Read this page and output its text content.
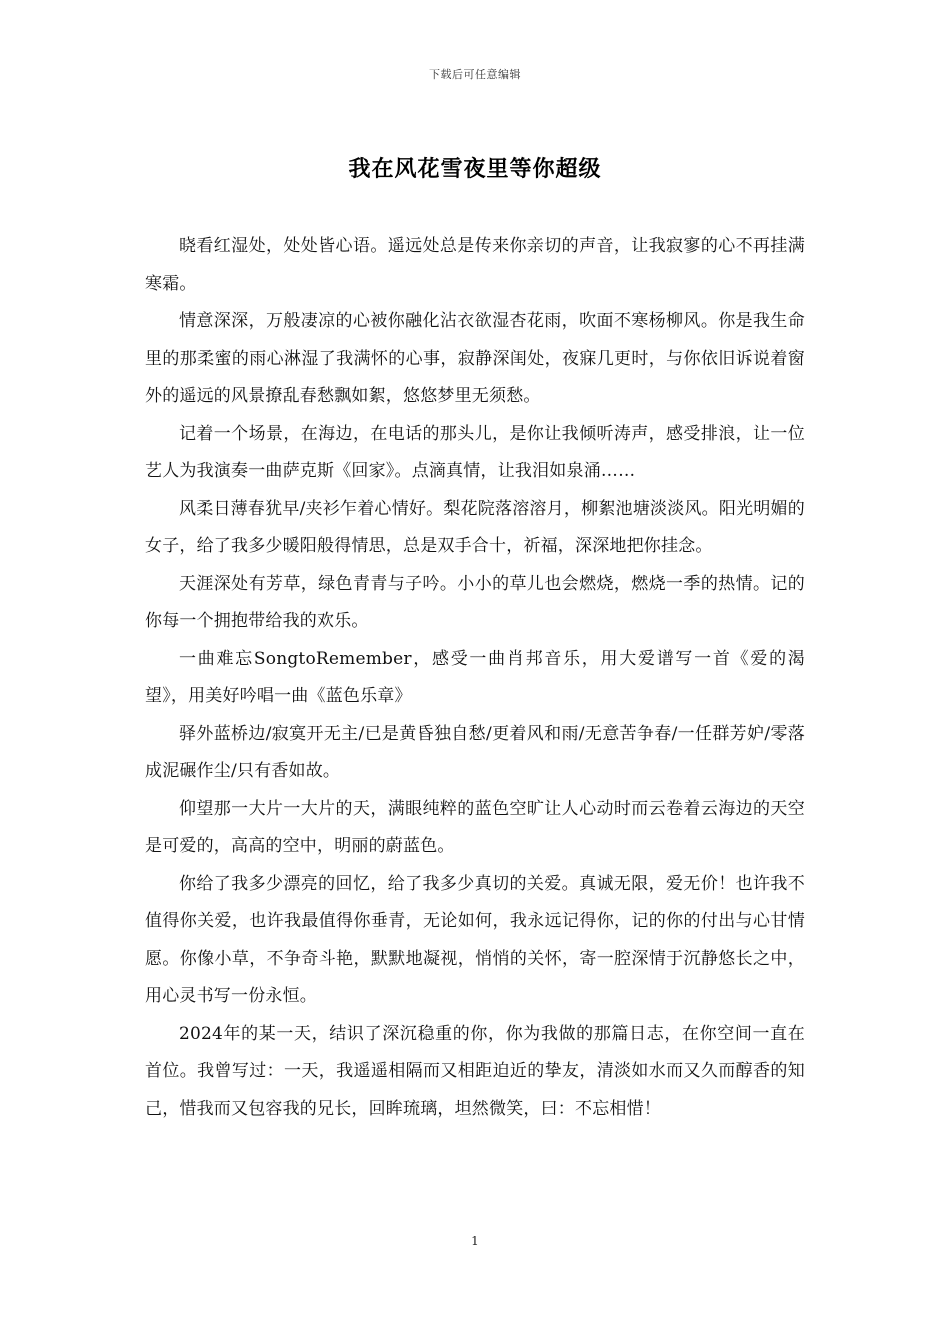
下载后可任意编辑
我在风花雪夜里等你超级

晓看红湿处，处处皆心语。遥远处总是传来你亲切的声音，让我寂寥的心不再挂满寒霜。

情意深深，万般凄凉的心被你融化沾衣欲湿杏花雨，吹面不寒杨柳风。你是我生命里的那柔蜜的雨心淋湿了我满怀的心事，寂静深闺处，夜寐几更时，与你依旧诉说着窗外的遥远的风景撩乱春愁飘如絮，悠悠梦里无须愁。

记着一个场景，在海边，在电话的那头儿，是你让我倾听涛声，感受排浪，让一位艺人为我演奏一曲萨克斯《回家》。点滴真情，让我泪如泉涌……

风柔日薄春犹早/夹衫乍着心情好。梨花院落溶溶月，柳絮池塘淡淡风。阳光明媚的女子，给了我多少暖阳般得情思，总是双手合十，祈福，深深地把你挂念。

天涯深处有芳草，绿色青青与子吟。小小的草儿也会燃烧，燃烧一季的热情。记的你每一个拥抱带给我的欢乐。

一曲难忘SongtoRemember，感受一曲肖邦音乐，用大爱谱写一首《爱的渴望》，用美好吟唱一曲《蓝色乐章》

驿外蓝桥边/寂寞开无主/已是黄昏独自愁/更着风和雨/无意苦争春/一任群芳妒/零落成泥碾作尘/只有香如故。

仰望那一大片一大片的天，满眼纯粹的蓝色空旷让人心动时而云卷着云海边的天空是可爱的，高高的空中，明丽的蔚蓝色。

你给了我多少漂亮的回忆，给了我多少真切的关爱。真诚无限，爱无价！也许我不值得你关爱，也许我最值得你垂青，无论如何，我永远记得你，记的你的付出与心甘情愿。你像小草，不争奇斗艳，默默地凝视，悄悄的关怀，寄一腔深情于沉静悠长之中，用心灵书写一份永恒。

2024年的某一天，结识了深沉稳重的你，你为我做的那篇日志，在你空间一直在首位。我曾写过：一天，我遥遥相隔而又相距迫近的挚友，清淡如水而又久而醇香的知己，惜我而又包容我的兄长，回眸琉璃，坦然微笑，曰：不忘相惜！

1
